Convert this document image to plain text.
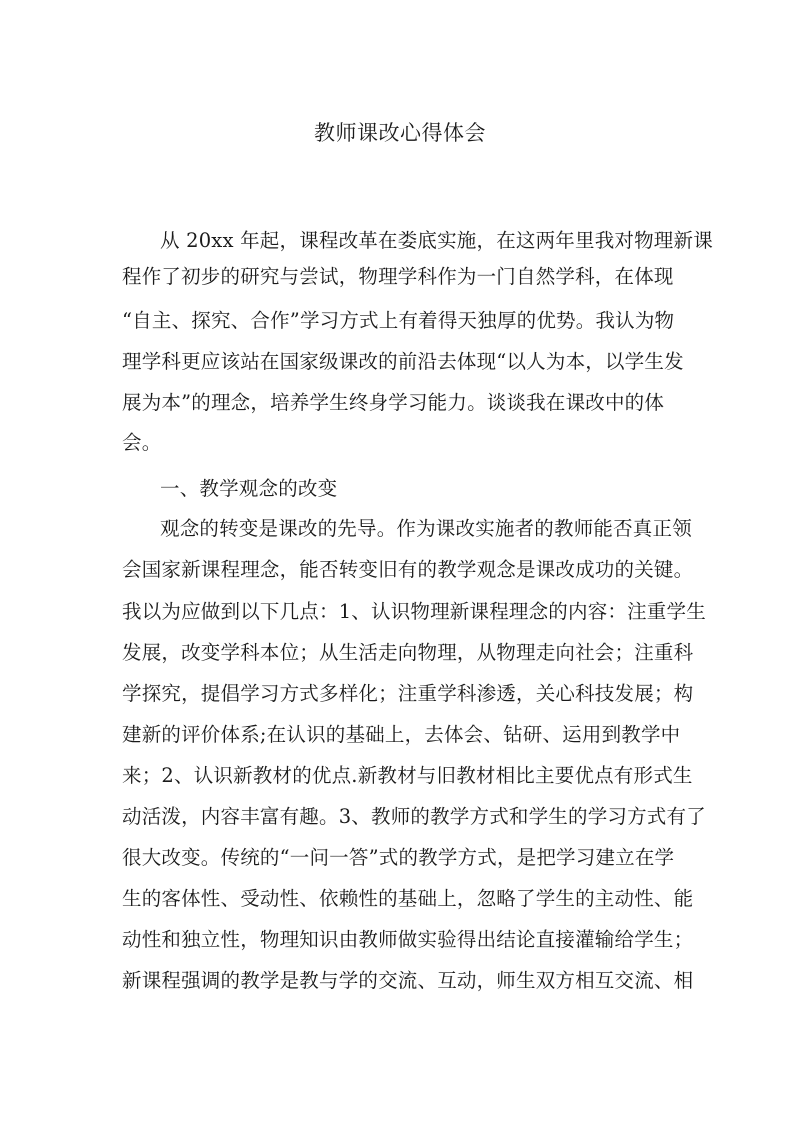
教师课改心得体会
从 20xx 年起，课程改革在娄底实施，在这两年里我对物理新课
程作了初步的研究与尝试，物理学科作为一门自然学科，在体现
“自主、探究、合作”学习方式上有着得天独厚的优势。我认为物
理学科更应该站在国家级课改的前沿去体现“以人为本，以学生发
展为本”的理念，培养学生终身学习能力。谈谈我在课改中的体
会。
一、教学观念的改变
观念的转变是课改的先导。作为课改实施者的教师能否真正领
会国家新课程理念，能否转变旧有的教学观念是课改成功的关键。
我以为应做到以下几点：1、认识物理新课程理念的内容：注重学生
发展，改变学科本位；从生活走向物理，从物理走向社会；注重科
学探究，提倡学习方式多样化；注重学科渗透，关心科技发展；构
建新的评价体系;在认识的基础上，去体会、钻研、运用到教学中
来；2、认识新教材的优点.新教材与旧教材相比主要优点有形式生
动活泼，内容丰富有趣。3、教师的教学方式和学生的学习方式有了
很大改变。传统的“一问一答”式的教学方式，是把学习建立在学
生的客体性、受动性、依赖性的基础上，忽略了学生的主动性、能
动性和独立性，物理知识由教师做实验得出结论直接灌输给学生；
新课程强调的教学是教与学的交流、互动，师生双方相互交流、相
